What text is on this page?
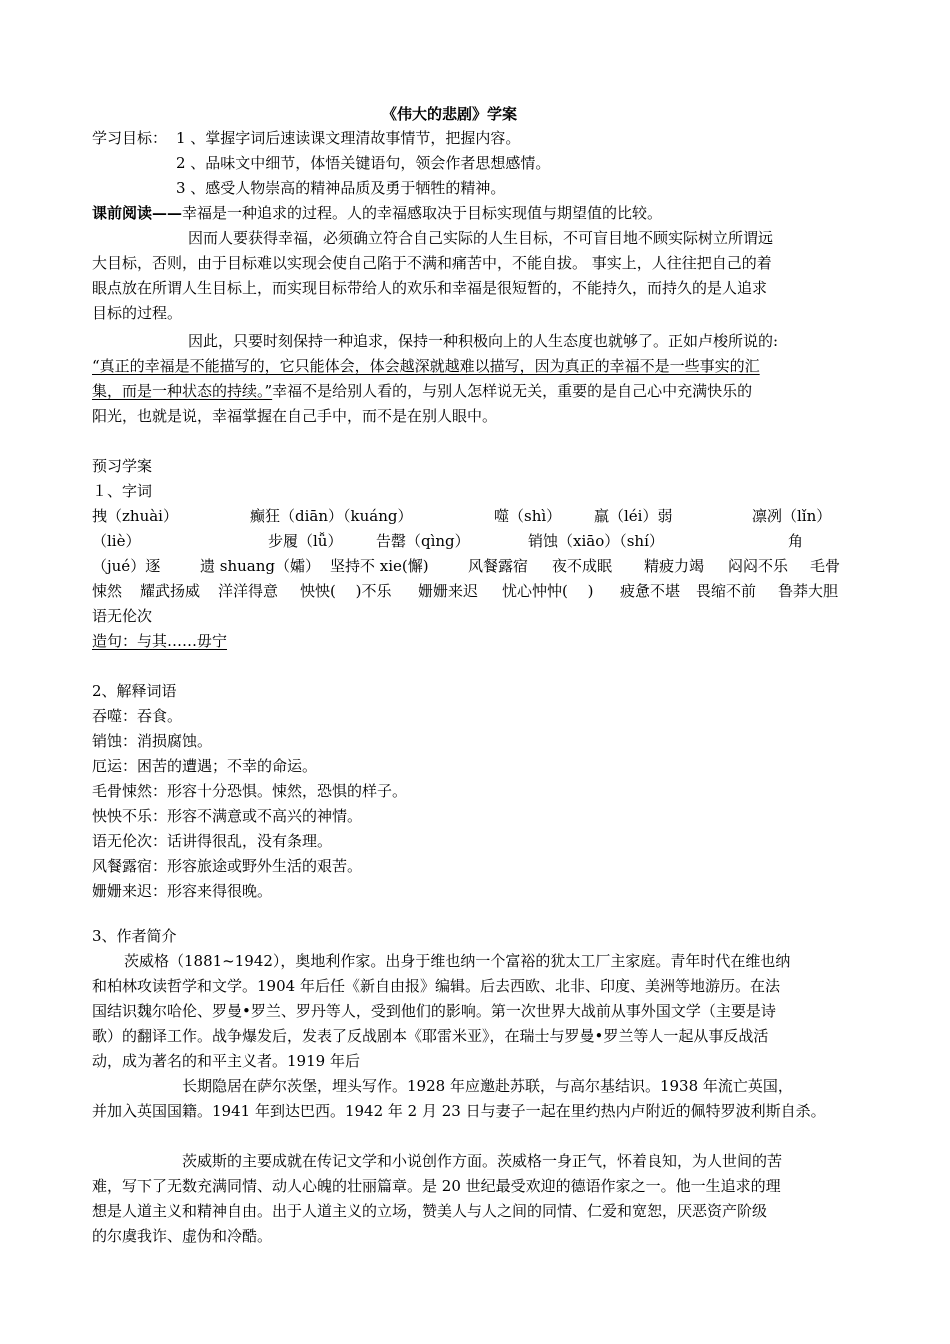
《伟大的悲剧》学案
学习目标： 1 、掌握字词后速读课文理清故事情节，把握内容。
2 、品味文中细节，体悟关键语句，领会作者思想感情。
3 、感受人物崇高的精神品质及勇于牺牲的精神。
课前阅读——幸福是一种追求的过程。人的幸福感取决于目标实现值与期望值的比较。
因而人要获得幸福，必须确立符合自己实际的人生目标，不可盲目地不顾实际树立所谓远
大目标，否则，由于目标难以实现会使自己陷于不满和痛苦中，不能自拔。 事实上，人往往把自己的着
眼点放在所谓人生目标上，而实现目标带给人的欢乐和幸福是很短暂的，不能持久，而持久的是人追求
目标的过程。
因此，只要时刻保持一种追求，保持一种积极向上的人生态度也就够了。正如卢梭所说的:
“真正的幸福是不能描写的，它只能体会，体会越深就越难以描写，因为真正的幸福不是一些事实的汇
集，而是一种状态的持续。”幸福不是给别人看的，与别人怎样说无关，重要的是自己心中充满快乐的
阳光，也就是说，幸福掌握在自己手中，而不是在别人眼中。
预习学案
１、字词
拽（zhuài）	癫狂（diān）（kuáng）	噬（shì） 羸（léi）弱	凛冽（lǐn）
（liè）	步履（lǚ） 告罄（qìng）	销蚀（xiāo）（shí）	角
（jué）逐	遗 shuang（孀） 坚持不 xie(懈)	风餐露宿 夜不成眠 精疲力竭 闷闷不乐 毛骨
悚然 耀武扬威 洋洋得意 怏怏(　 )不乐 姗姗来迟 忧心忡忡(　 ) 疲惫不堪 畏缩不前 鲁莽大胆
语无伦次
造句：与其……毋宁
2、解释词语
吞噬：吞食。
销蚀：消损腐蚀。
厄运：困苦的遭遇；不幸的命运。
毛骨悚然：形容十分恐惧。悚然，恐惧的样子。
怏怏不乐：形容不满意或不高兴的神情。
语无伦次：话讲得很乱，没有条理。
风餐露宿：形容旅途或野外生活的艰苦。
姗姗来迟：形容来得很晚。
3、作者简介
茨威格（1881~1942），奥地利作家。出身于维也纳一个富裕的犹太工厂主家庭。青年时代在维也纳
和柏林攻读哲学和文学。1904 年后任《新自由报》编辑。后去西欧、北非、印度、美洲等地游历。在法
国结识魏尔哈伦、罗曼•罗兰、罗丹等人，受到他们的影响。第一次世界大战前从事外国文学（主要是诗
歌）的翻译工作。战争爆发后，发表了反战剧本《耶雷米亚》，在瑞士与罗曼•罗兰等人一起从事反战活
动，成为著名的和平主义者。1919 年后
长期隐居在萨尔茨堡，埋头写作。1928 年应邀赴苏联，与高尔基结识。1938 年流亡英国，
并加入英国国籍。1941 年到达巴西。1942 年 2 月 23 日与妻子一起在里约热内卢附近的佩特罗波利斯自杀。
茨威斯的主要成就在传记文学和小说创作方面。茨威格一身正气，怀着良知，为人世间的苦
难，写下了无数充满同情、动人心魄的壮丽篇章。是 20 世纪最受欢迎的德语作家之一。他一生追求的理
想是人道主义和精神自由。出于人道主义的立场，赞美人与人之间的同情、仁爱和宽恕，厌恶资产阶级
的尔虞我诈、虚伪和冷酷。
